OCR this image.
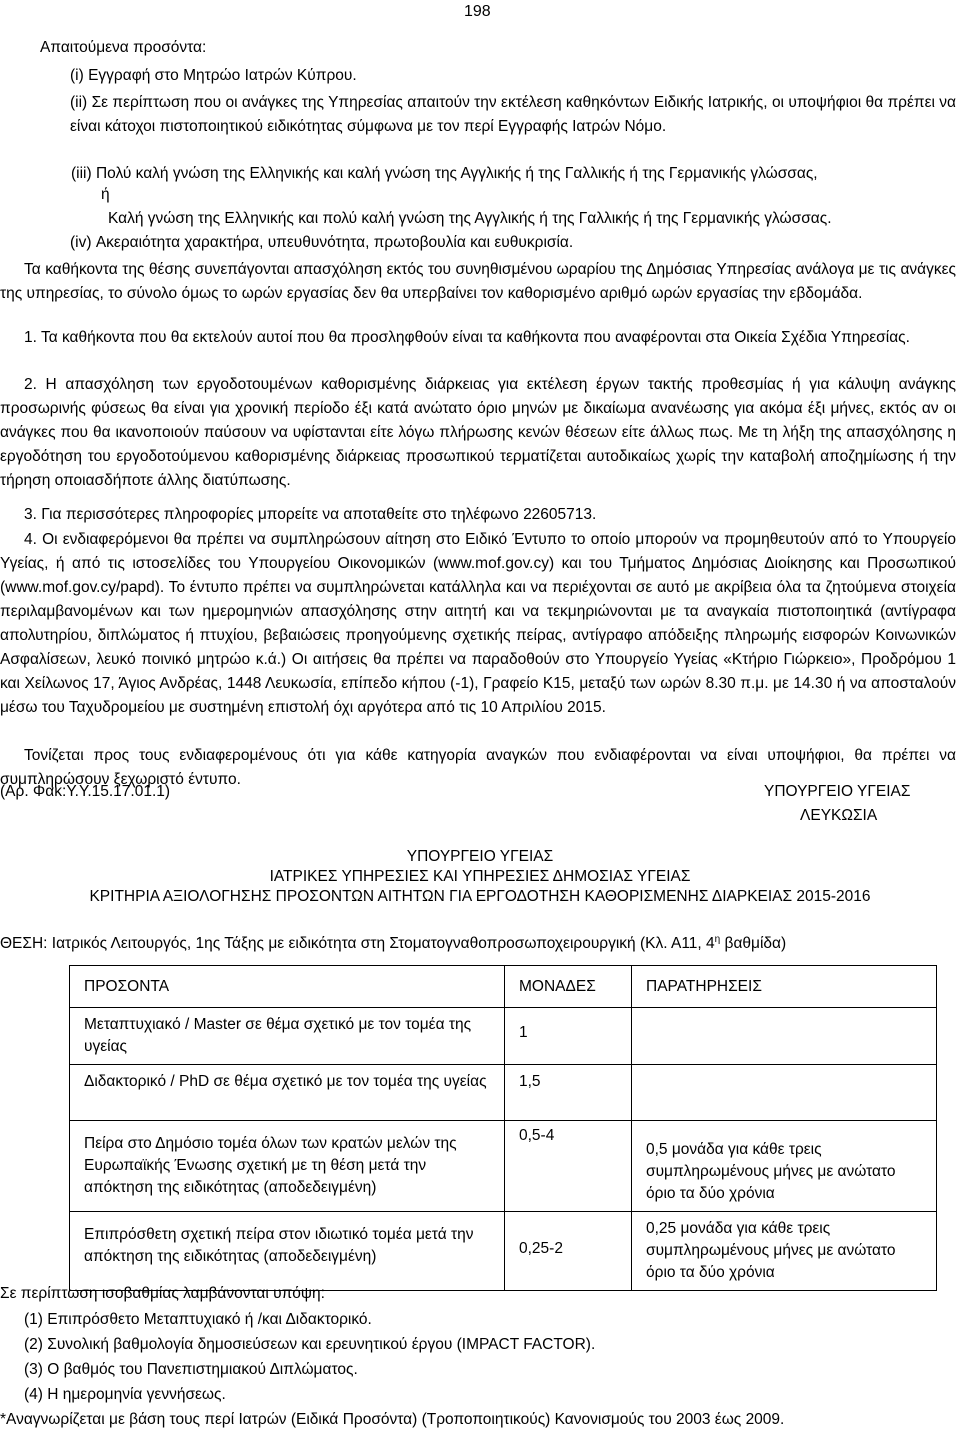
198
Απαιτούμενα προσόντα:
(i) Εγγραφή στο Μητρώο Ιατρών Κύπρου.
(ii) Σε περίπτωση που οι ανάγκες της Υπηρεσίας απαιτούν την εκτέλεση καθηκόντων Ειδικής Ιατρικής, οι υποψήφιοι θα πρέπει να είναι κάτοχοι πιστοποιητικού ειδικότητας σύμφωνα με τον περί Εγγραφής Ιατρών Νόμο.
(iii) Πολύ καλή γνώση της Ελληνικής και καλή γνώση της Αγγλικής ή της Γαλλικής ή της Γερμανικής γλώσσας,
ή
Καλή γνώση της Ελληνικής και πολύ καλή γνώση της Αγγλικής ή της Γαλλικής ή της Γερμανικής γλώσσας.
(iv) Ακεραιότητα χαρακτήρα, υπευθυνότητα, πρωτοβουλία και ευθυκρισία.
Τα καθήκοντα της θέσης συνεπάγονται απασχόληση εκτός του συνηθισμένου ωραρίου της Δημόσιας Υπηρεσίας ανάλογα με τις ανάγκες της υπηρεσίας, το σύνολο όμως το ωρών εργασίας δεν θα υπερβαίνει τον καθορισμένο αριθμό ωρών εργασίας την εβδομάδα.
1. Τα καθήκοντα που θα εκτελούν αυτοί που θα προσληφθούν είναι τα καθήκοντα που αναφέρονται στα Οικεία Σχέδια Υπηρεσίας.
2. Η απασχόληση των εργοδοτουμένων καθορισμένης διάρκειας για εκτέλεση έργων τακτής προθεσμίας ή για κάλυψη ανάγκης προσωρινής φύσεως θα είναι για χρονική περίοδο έξι κατά ανώτατο όριο μηνών με δικαίωμα ανανέωσης για ακόμα έξι μήνες, εκτός αν οι ανάγκες που θα ικανοποιούν παύσουν να υφίστανται είτε λόγω πλήρωσης κενών θέσεων είτε άλλως πως. Με τη λήξη της απασχόλησης η εργοδότηση του εργοδοτούμενου καθορισμένης διάρκειας προσωπικού τερματίζεται αυτοδικαίως χωρίς την καταβολή αποζημίωσης ή την τήρηση οποιασδήποτε άλλης διατύπωσης.
3. Για περισσότερες πληροφορίες μπορείτε να αποταθείτε στο τηλέφωνο 22605713.
4. Οι ενδιαφερόμενοι θα πρέπει να συμπληρώσουν αίτηση στο Ειδικό Έντυπο το οποίο μπορούν να προμηθευτούν από το Υπουργείο Υγείας, ή από τις ιστοσελίδες του Υπουργείου Οικονομικών (www.mof.gov.cy) και του Τμήματος Δημόσιας Διοίκησης και Προσωπικού (www.mof.gov.cy/papd). Το έντυπο πρέπει να συμπληρώνεται κατάλληλα και να περιέχονται σε αυτό με ακρίβεια όλα τα ζητούμενα στοιχεία περιλαμβανομένων και των ημερομηνιών απασχόλησης στην αιτητή και να τεκμηριώνονται με τα αναγκαία πιστοποιητικά (αντίγραφα απολυτηρίου, διπλώματος ή πτυχίου, βεβαιώσεις προηγούμενης σχετικής πείρας, αντίγραφο απόδειξης πληρωμής εισφορών Κοινωνικών Ασφαλίσεων, λευκό ποινικό μητρώο κ.ά.) Οι αιτήσεις θα πρέπει να παραδοθούν στο Υπουργείο Υγείας «Κτήριο Γιώρκειο», Προδρόμου 1 και Χείλωνος 17, Άγιος Ανδρέας, 1448 Λευκωσία, επίπεδο κήπου (-1), Γραφείο Κ15, μεταξύ των ωρών 8.30 π.μ. με 14.30 ή να αποσταλούν μέσω του Ταχυδρομείου με συστημένη επιστολή όχι αργότερα από τις 10 Απριλίου 2015.
Τονίζεται προς τους ενδιαφερομένους ότι για κάθε κατηγορία αναγκών που ενδιαφέρονται να είναι υποψήφιοι, θα πρέπει να συμπληρώσουν ξεχωριστό έντυπο.
(Αρ. Φακ:Υ.Υ.15.17.01.1)	ΥΠΟΥΡΓΕΙΟ ΥΓΕΙΑΣ
ΛΕΥΚΩΣΙΑ
ΥΠΟΥΡΓΕΙΟ ΥΓΕΙΑΣ
ΙΑΤΡΙΚΕΣ ΥΠΗΡΕΣΙΕΣ ΚΑΙ ΥΠΗΡΕΣΙΕΣ ΔΗΜΟΣΙΑΣ ΥΓΕΙΑΣ
ΚΡΙΤΗΡΙΑ ΑΞΙΟΛΟΓΗΣΗΣ ΠΡΟΣΟΝΤΩΝ ΑΙΤΗΤΩΝ ΓΙΑ ΕΡΓΟΔΟΤΗΣΗ ΚΑΘΟΡΙΣΜΕΝΗΣ ΔΙΑΡΚΕΙΑΣ 2015-2016
ΘΕΣΗ: Ιατρικός Λειτουργός, 1ης Τάξης με ειδικότητα στη Στοματογναθοπροσωποχειρουργική (Κλ. Α11, $4^\eta$ βαθμίδα)
ΠΡΟΣΟΝΤΑ	ΜΟΝΑΔΕΣ	ΠΑΡΑΤΗΡΗΣΕΙΣ
Μεταπτυχιακό / Master σε θέμα σχετικό με τον τομέα της υγείας	1	
Διδακτορικό / PhD σε θέμα σχετικό με τον τομέα της υγείας	1,5	
Πείρα στο Δημόσιο τομέα όλων των κρατών μελών της Ευρωπαϊκής Ένωσης σχετική με τη θέση μετά την απόκτηση της ειδικότητας (αποδεδειγμένη)	0,5-4	0,5 μονάδα για κάθε τρεις συμπληρωμένους μήνες με ανώτατο όριο τα δύο χρόνια
Επιπρόσθετη σχετική πείρα στον ιδιωτικό τομέα μετά την απόκτηση της ειδικότητας (αποδεδειγμένη)	0,25-2	0,25 μονάδα για κάθε τρεις συμπληρωμένους μήνες με ανώτατο όριο τα δύο χρόνια
Σε περίπτωση ισοβαθμίας λαμβάνονται υπόψη:
(1) Επιπρόσθετο Μεταπτυχιακό ή /και Διδακτορικό.
(2) Συνολική βαθμολογία δημοσιεύσεων και ερευνητικού έργου (IMPACT FACTOR).
(3) Ο βαθμός του Πανεπιστημιακού Διπλώματος.
(4) Η ημερομηνία γεννήσεως.
*Αναγνωρίζεται με βάση τους περί Ιατρών (Ειδικά Προσόντα) (Τροποποιητικούς) Κανονισμούς του 2003 έως 2009.
